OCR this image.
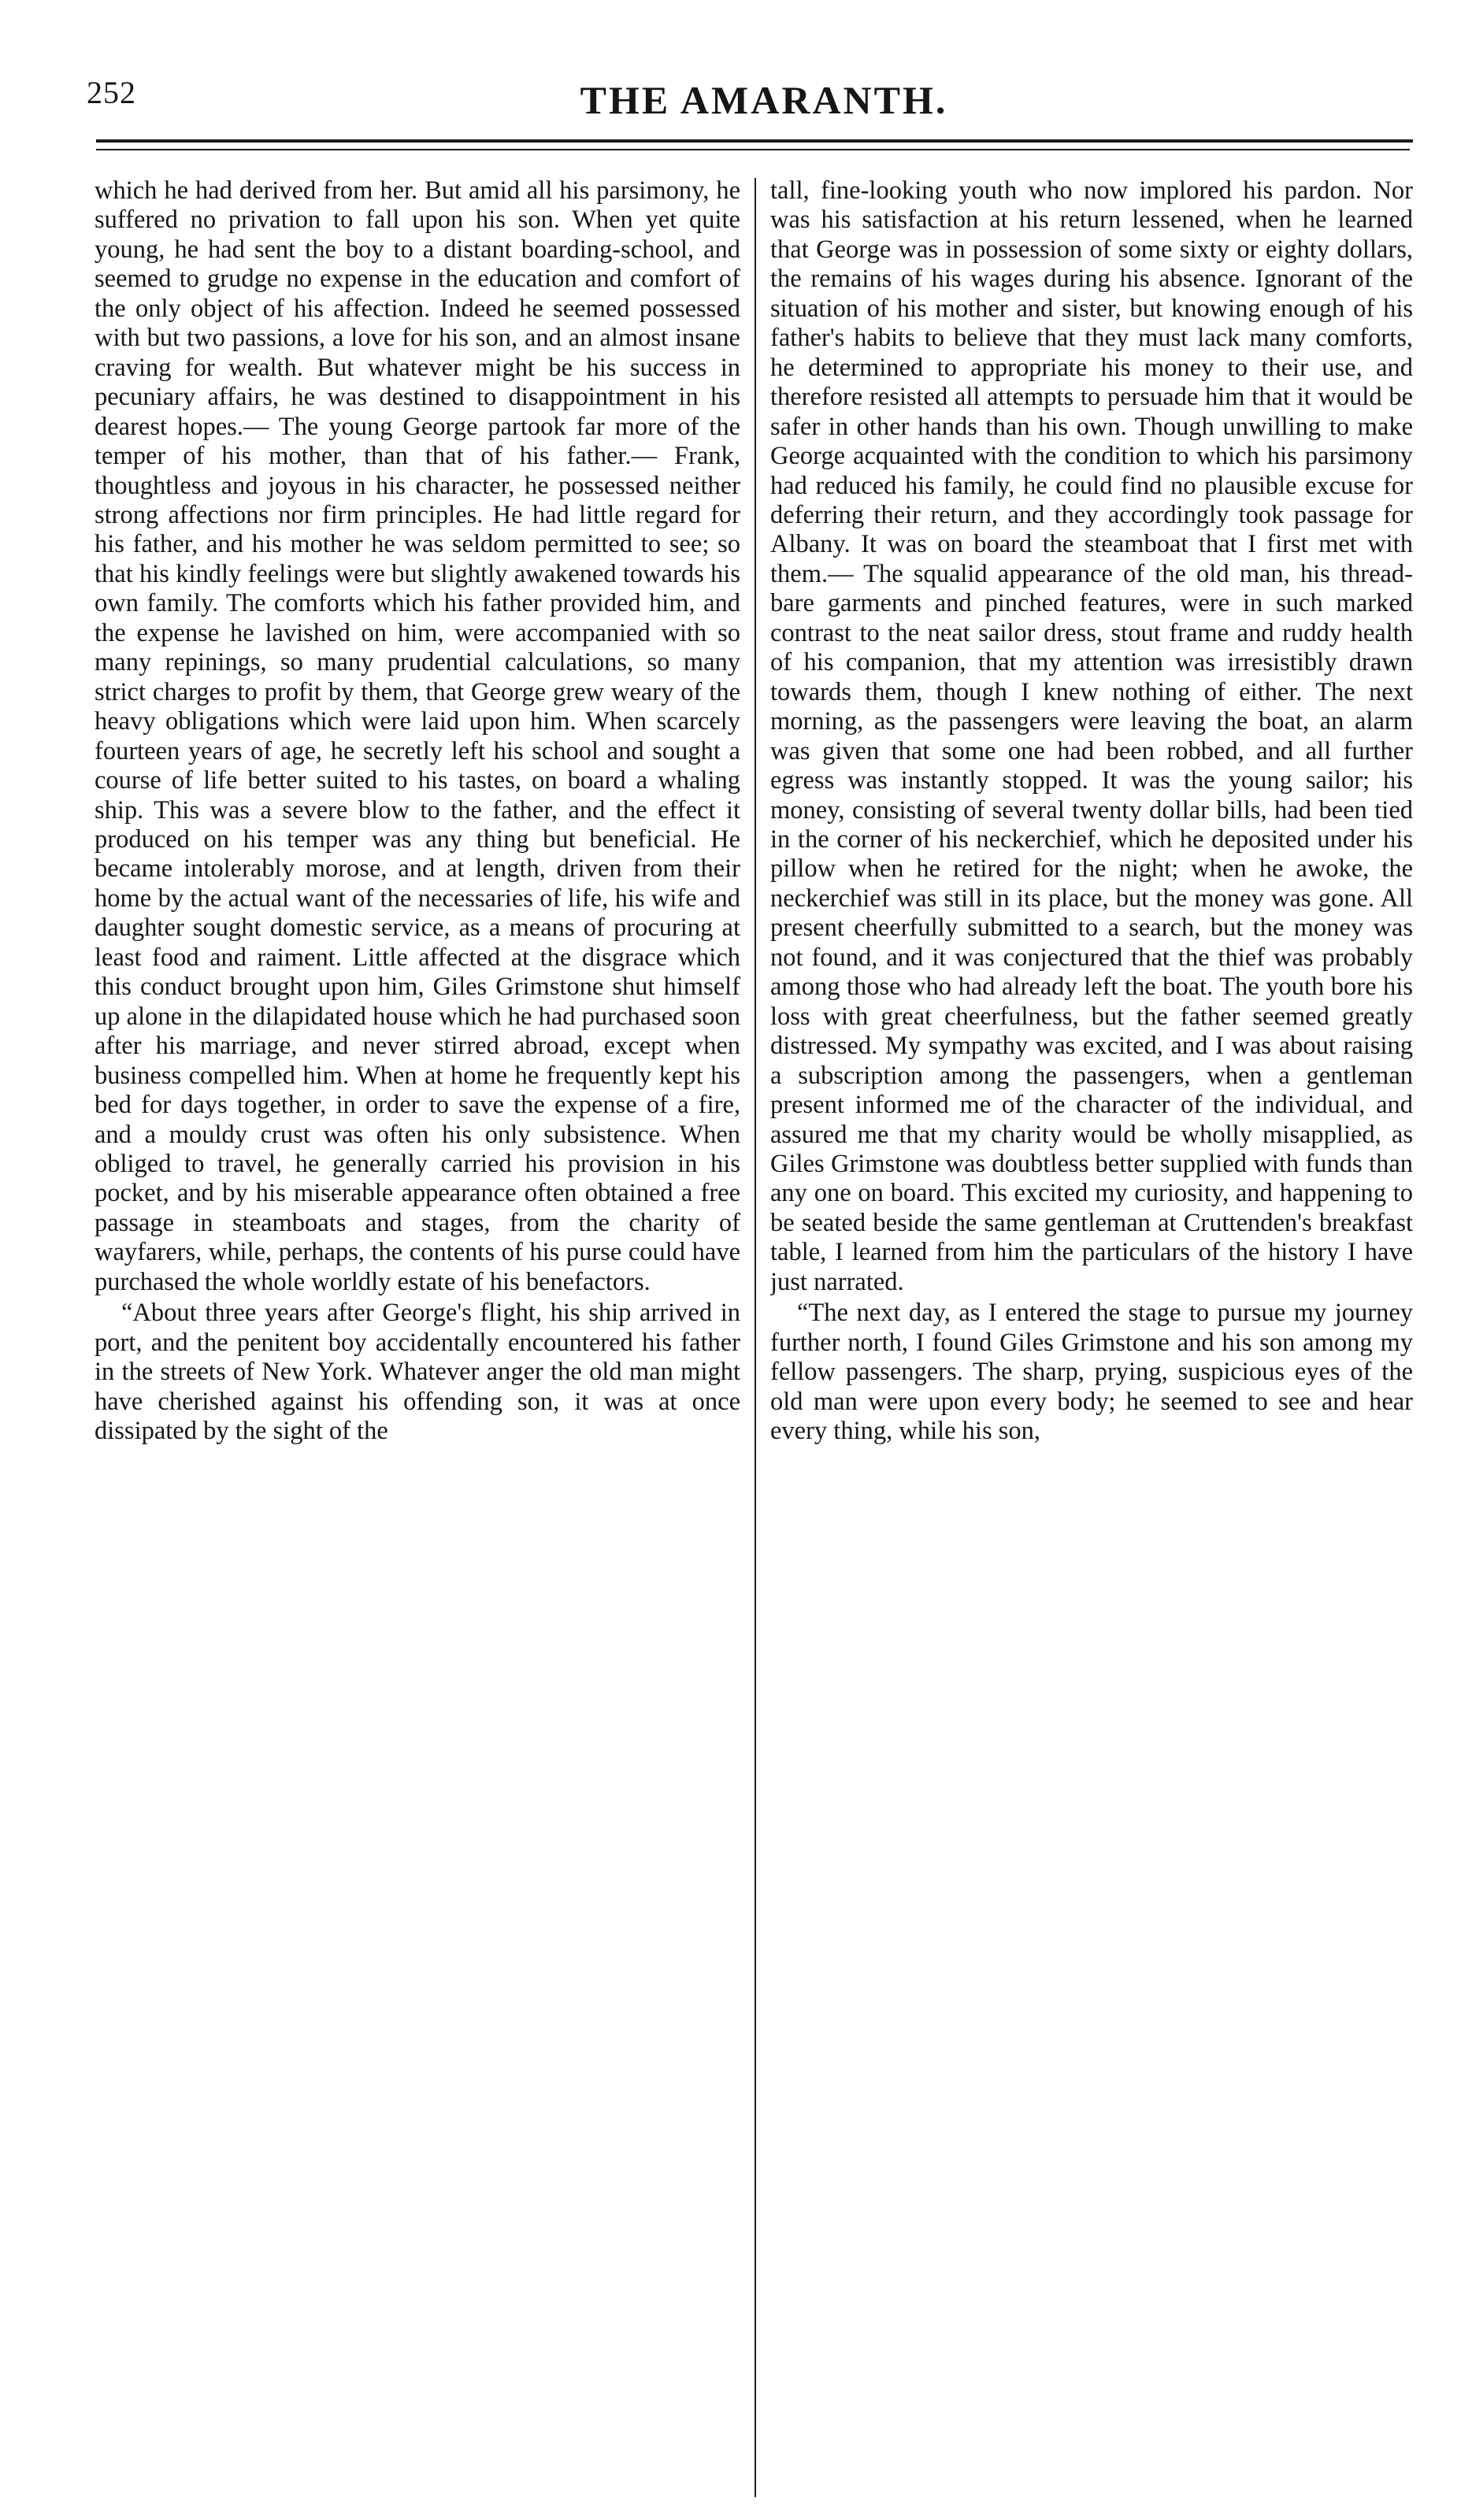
252	THE AMARANTH.

which he had derived from her. But amid all his parsimony, he suffered no privation to fall upon his son. When yet quite young, he had sent the boy to a distant boarding-school, and seemed to grudge no expense in the education and comfort of the only object of his affection. Indeed he seemed possessed with but two passions, a love for his son, and an almost insane craving for wealth. But whatever might be his success in pecuniary affairs, he was destined to disappointment in his dearest hopes.— The young George partook far more of the temper of his mother, than that of his father.— Frank, thoughtless and joyous in his character, he possessed neither strong affections nor firm principles. He had little regard for his father, and his mother he was seldom permitted to see; so that his kindly feelings were but slightly awakened towards his own family. The comforts which his father provided him, and the expense he lavished on him, were accompanied with so many repinings, so many prudential calculations, so many strict charges to profit by them, that George grew weary of the heavy obligations which were laid upon him. When scarcely fourteen years of age, he secretly left his school and sought a course of life better suited to his tastes, on board a whaling ship. This was a severe blow to the father, and the effect it produced on his temper was any thing but beneficial. He became intolerably morose, and at length, driven from their home by the actual want of the necessaries of life, his wife and daughter sought domestic service, as a means of procuring at least food and raiment. Little affected at the disgrace which this conduct brought upon him, Giles Grimstone shut himself up alone in the dilapidated house which he had purchased soon after his marriage, and never stirred abroad, except when business compelled him. When at home he frequently kept his bed for days together, in order to save the expense of a fire, and a mouldy crust was often his only subsistence. When obliged to travel, he generally carried his provision in his pocket, and by his miserable appearance often obtained a free passage in steamboats and stages, from the charity of wayfarers, while, perhaps, the contents of his purse could have purchased the whole worldly estate of his benefactors.

“About three years after George's flight, his ship arrived in port, and the penitent boy accidentally encountered his father in the streets of New York. Whatever anger the old man might have cherished against his offending son, it was at once dissipated by the sight of the

tall, fine-looking youth who now implored his pardon. Nor was his satisfaction at his return lessened, when he learned that George was in possession of some sixty or eighty dollars, the remains of his wages during his absence. Ignorant of the situation of his mother and sister, but knowing enough of his father's habits to believe that they must lack many comforts, he determined to appropriate his money to their use, and therefore resisted all attempts to persuade him that it would be safer in other hands than his own. Though unwilling to make George acquainted with the condition to which his parsimony had reduced his family, he could find no plausible excuse for deferring their return, and they accordingly took passage for Albany. It was on board the steamboat that I first met with them.— The squalid appearance of the old man, his thread-bare garments and pinched features, were in such marked contrast to the neat sailor dress, stout frame and ruddy health of his companion, that my attention was irresistibly drawn towards them, though I knew nothing of either. The next morning, as the passengers were leaving the boat, an alarm was given that some one had been robbed, and all further egress was instantly stopped. It was the young sailor; his money, consisting of several twenty dollar bills, had been tied in the corner of his neckerchief, which he deposited under his pillow when he retired for the night; when he awoke, the neckerchief was still in its place, but the money was gone. All present cheerfully submitted to a search, but the money was not found, and it was conjectured that the thief was probably among those who had already left the boat. The youth bore his loss with great cheerfulness, but the father seemed greatly distressed. My sympathy was excited, and I was about raising a subscription among the passengers, when a gentleman present informed me of the character of the individual, and assured me that my charity would be wholly misapplied, as Giles Grimstone was doubtless better supplied with funds than any one on board. This excited my curiosity, and happening to be seated beside the same gentleman at Cruttenden's breakfast table, I learned from him the particulars of the history I have just narrated.

“The next day, as I entered the stage to pursue my journey further north, I found Giles Grimstone and his son among my fellow passengers. The sharp, prying, suspicious eyes of the old man were upon every body; he seemed to see and hear every thing, while his son,
